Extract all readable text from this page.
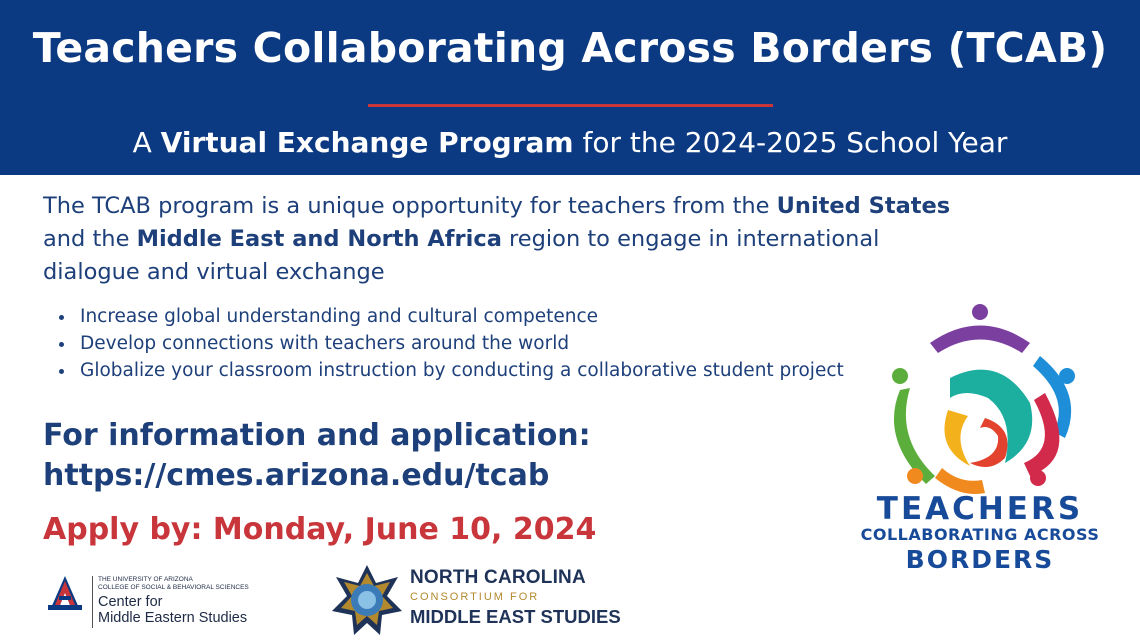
Teachers Collaborating Across Borders (TCAB)
A Virtual Exchange Program for the 2024-2025 School Year
The TCAB program is a unique opportunity for teachers from the United States
and the Middle East and North Africa region to engage in international dialogue and virtual exchange
• Increase global understanding and cultural competence
• Develop connections with teachers around the world
• Globalize your classroom instruction by conducting a collaborative student project
For information and application:
https://cmes.arizona.edu/tcab
Apply by: Monday, June 10, 2024
TEACHERS
COLLABORATING ACROSS
BORDERS
THE UNIVERSITY OF ARIZONA
COLLEGE OF SOCIAL & BEHAVIORAL SCIENCES
Center for
Middle Eastern Studies
NORTH CAROLINA
CONSORTIUM FOR
MIDDLE EAST STUDIES
